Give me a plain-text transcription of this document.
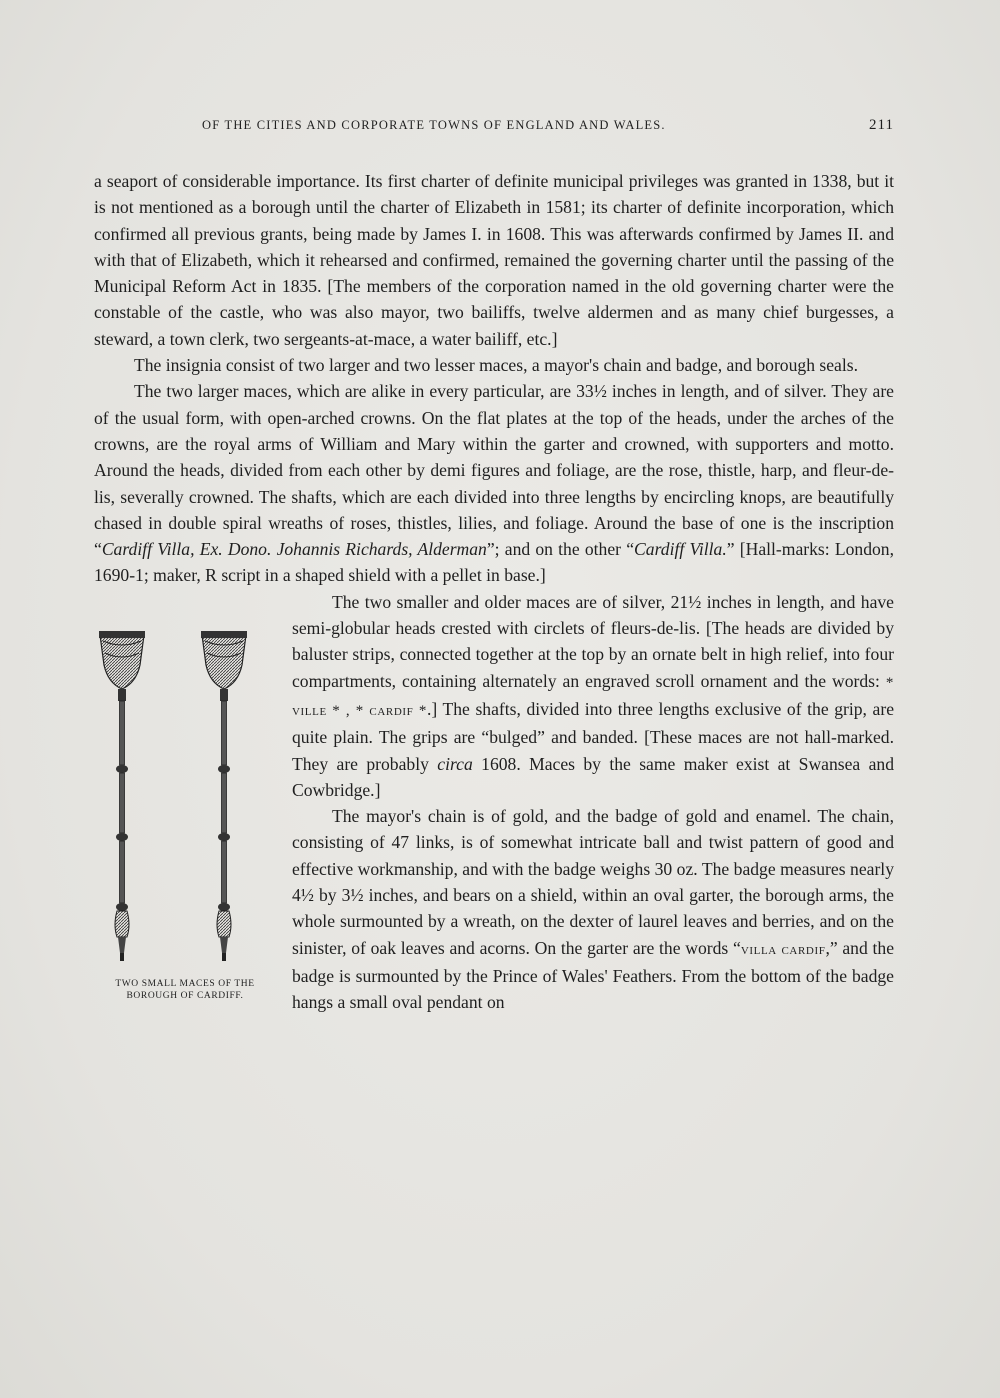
OF THE CITIES AND CORPORATE TOWNS OF ENGLAND AND WALES.	211

a seaport of considerable importance. Its first charter of definite municipal privileges was granted in 1338, but it is not mentioned as a borough until the charter of Elizabeth in 1581; its charter of definite incorporation, which confirmed all previous grants, being made by James I. in 1608. This was afterwards confirmed by James II. and with that of Elizabeth, which it rehearsed and confirmed, remained the governing charter until the passing of the Municipal Reform Act in 1835. [The members of the corporation named in the old governing charter were the constable of the castle, who was also mayor, two bailiffs, twelve aldermen and as many chief burgesses, a steward, a town clerk, two sergeants-at-mace, a water bailiff, etc.]

The insignia consist of two larger and two lesser maces, a mayor's chain and badge, and borough seals.

The two larger maces, which are alike in every particular, are 33½ inches in length, and of silver. They are of the usual form, with open-arched crowns. On the flat plates at the top of the heads, under the arches of the crowns, are the royal arms of William and Mary within the garter and crowned, with supporters and motto. Around the heads, divided from each other by demi figures and foliage, are the rose, thistle, harp, and fleur-de-lis, severally crowned. The shafts, which are each divided into three lengths by encircling knops, are beautifully chased in double spiral wreaths of roses, thistles, lilies, and foliage. Around the base of one is the inscription “Cardiff Villa, Ex. Dono. Johannis Richards, Alderman”; and on the other “Cardiff Villa.” [Hall-marks: London, 1690-1; maker, R script in a shaped shield with a pellet in base.]

TWO SMALL MACES OF THE BOROUGH OF CARDIFF.

The two smaller and older maces are of silver, 21½ inches in length, and have semi-globular heads crested with circlets of fleurs-de-lis. [The heads are divided by baluster strips, connected together at the top by an ornate belt in high relief, into four compartments, containing alternately an engraved scroll ornament and the words: * ville * , * cardif *.] The shafts, divided into three lengths exclusive of the grip, are quite plain. The grips are “bulged” and banded. [These maces are not hall-marked. They are probably circa 1608. Maces by the same maker exist at Swansea and Cowbridge.]

The mayor's chain is of gold, and the badge of gold and enamel. The chain, consisting of 47 links, is of somewhat intricate ball and twist pattern of good and effective workmanship, and with the badge weighs 30 oz. The badge measures nearly 4½ by 3½ inches, and bears on a shield, within an oval garter, the borough arms, the whole surmounted by a wreath, on the dexter of laurel leaves and berries, and on the sinister, of oak leaves and acorns. On the garter are the words “villa cardif,” and the badge is surmounted by the Prince of Wales' Feathers. From the bottom of the badge hangs a small oval pendant on
